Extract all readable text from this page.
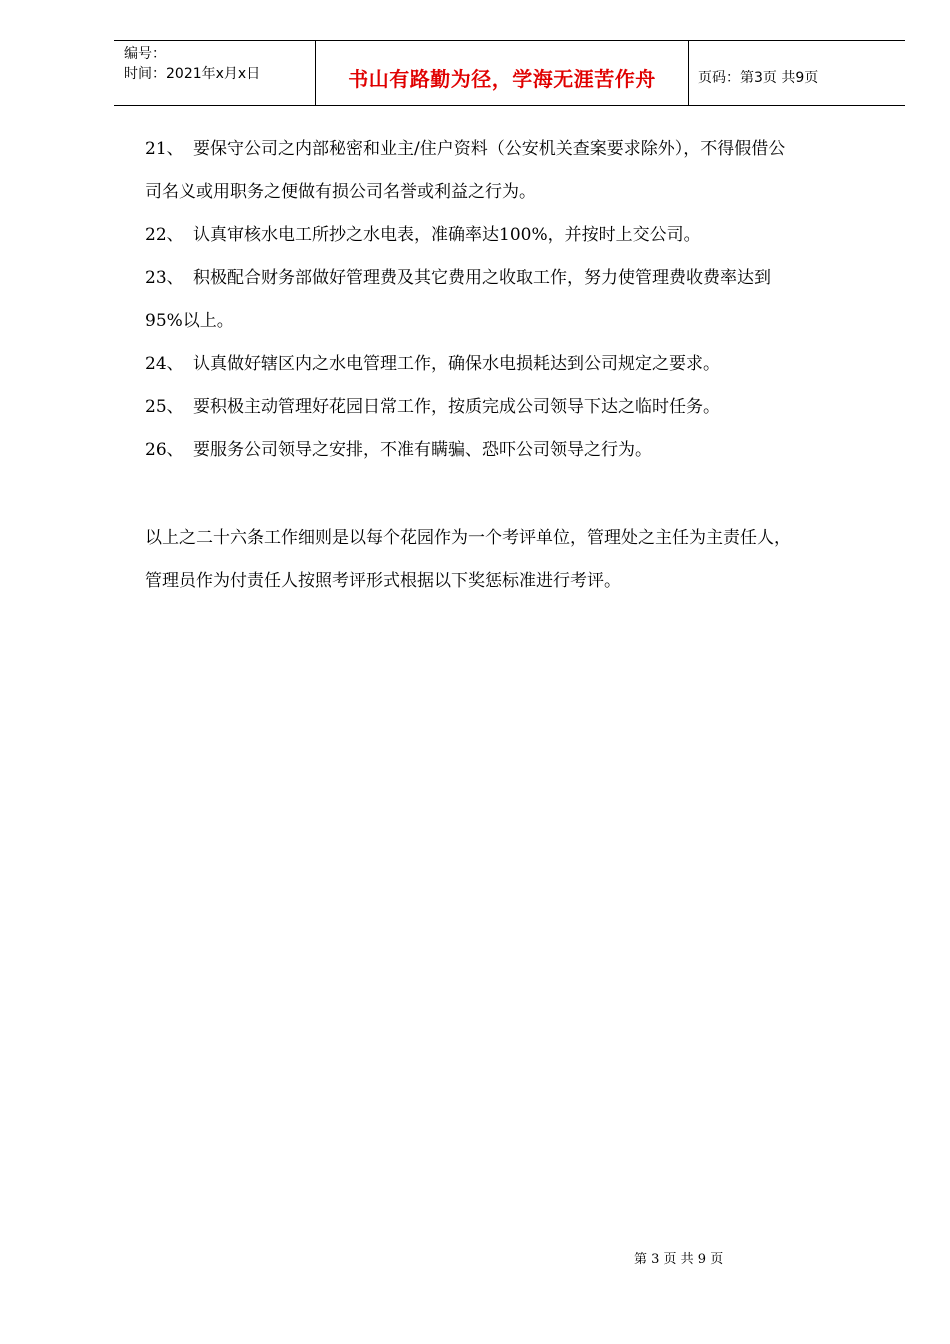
编号：
时间：2021年x月x日	书山有路勤为径，学海无涯苦作舟	页码：第3页 共9页
21、 要保守公司之内部秘密和业主/住户资料（公安机关查案要求除外），不得假借公
司名义或用职务之便做有损公司名誉或利益之行为。
22、 认真审核水电工所抄之水电表，准确率达100%，并按时上交公司。
23、 积极配合财务部做好管理费及其它费用之收取工作，努力使管理费收费率达到
95%以上。
24、 认真做好辖区内之水电管理工作，确保水电损耗达到公司规定之要求。
25、 要积极主动管理好花园日常工作，按质完成公司领导下达之临时任务。
26、 要服务公司领导之安排，不准有瞒骗、恐吓公司领导之行为。
以上之二十六条工作细则是以每个花园作为一个考评单位，管理处之主任为主责任人，
管理员作为付责任人按照考评形式根据以下奖惩标准进行考评。
第 3 页 共 9 页
